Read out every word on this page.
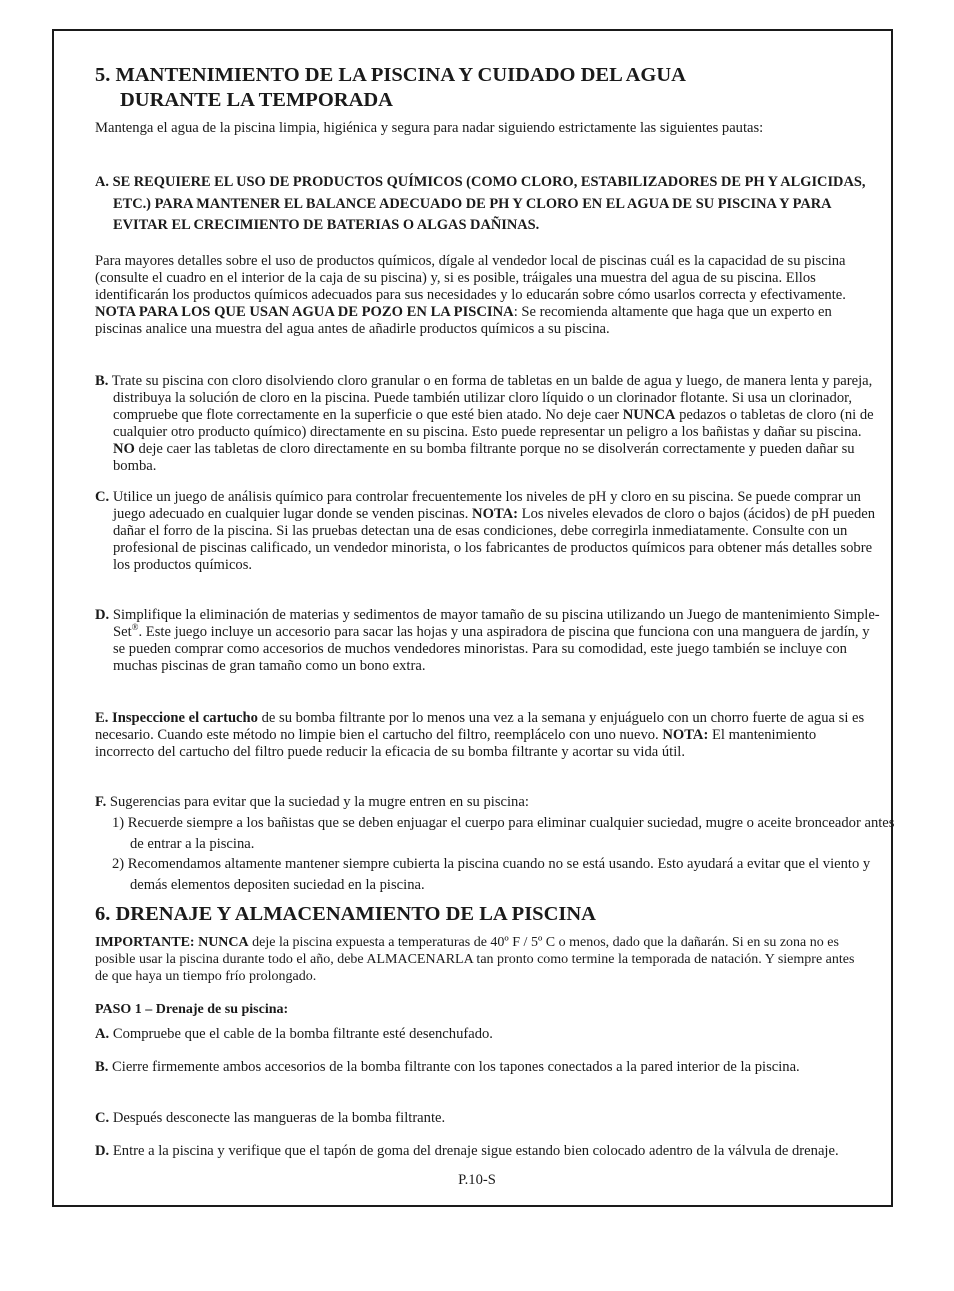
5. MANTENIMIENTO DE LA PISCINA Y CUIDADO DEL AGUA
DURANTE LA TEMPORADA
Mantenga el agua de la piscina limpia, higiénica y segura para nadar siguiendo estrictamente las siguientes pautas:
A. SE REQUIERE EL USO DE PRODUCTOS QUÍMICOS (COMO CLORO, ESTABILIZADORES DE PH Y ALGICIDAS, ETC.) PARA MANTENER EL BALANCE ADECUADO DE PH Y CLORO EN EL AGUA DE SU PISCINA Y PARA EVITAR EL CRECIMIENTO DE BATERIAS O ALGAS DAÑINAS.
Para mayores detalles sobre el uso de productos químicos, dígale al vendedor local de piscinas cuál es la capacidad de su piscina (consulte el cuadro en el interior de la caja de su piscina) y, si es posible, tráigales una muestra del agua de su piscina. Ellos identificarán los productos químicos adecuados para sus necesidades y lo educarán sobre cómo usarlos correcta y efectivamente. NOTA PARA LOS QUE USAN AGUA DE POZO EN LA PISCINA: Se recomienda altamente que haga que un experto en piscinas analice una muestra del agua antes de añadirle productos químicos a su piscina.
B. Trate su piscina con cloro disolviendo cloro granular o en forma de tabletas en un balde de agua y luego, de manera lenta y pareja, distribuya la solución de cloro en la piscina. Puede también utilizar cloro líquido o un clorinador flotante. Si usa un clorinador, compruebe que flote correctamente en la superficie o que esté bien atado. No deje caer NUNCA pedazos o tabletas de cloro (ni de cualquier otro producto químico) directamente en su piscina. Esto puede representar un peligro a los bañistas y dañar su piscina. NO deje caer las tabletas de cloro directamente en su bomba filtrante porque no se disolverán correctamente y pueden dañar su bomba.
C. Utilice un juego de análisis químico para controlar frecuentemente los niveles de pH y cloro en su piscina. Se puede comprar un juego adecuado en cualquier lugar donde se venden piscinas. NOTA: Los niveles elevados de cloro o bajos (ácidos) de pH pueden dañar el forro de la piscina. Si las pruebas detectan una de esas condiciones, debe corregirla inmediatamente. Consulte con un profesional de piscinas calificado, un vendedor minorista, o los fabricantes de productos químicos para obtener más detalles sobre los productos químicos.
D. Simplifique la eliminación de materias y sedimentos de mayor tamaño de su piscina utilizando un Juego de mantenimiento Simple-Set®. Este juego incluye un accesorio para sacar las hojas y una aspiradora de piscina que funciona con una manguera de jardín, y se pueden comprar como accesorios de muchos vendedores minoristas. Para su comodidad, este juego también se incluye con muchas piscinas de gran tamaño como un bono extra.
E. Inspeccione el cartucho de su bomba filtrante por lo menos una vez a la semana y enjuáguelo con un chorro fuerte de agua si es necesario. Cuando este método no limpie bien el cartucho del filtro, reemplácelo con uno nuevo. NOTA: El mantenimiento incorrecto del cartucho del filtro puede reducir la eficacia de su bomba filtrante y acortar su vida útil.
F. Sugerencias para evitar que la suciedad y la mugre entren en su piscina:
1) Recuerde siempre a los bañistas que se deben enjuagar el cuerpo para eliminar cualquier suciedad, mugre o aceite bronceador antes de entrar a la piscina.
2) Recomendamos altamente mantener siempre cubierta la piscina cuando no se está usando. Esto ayudará a evitar que el viento y demás elementos depositen suciedad en la piscina.
6. DRENAJE Y ALMACENAMIENTO DE LA PISCINA
IMPORTANTE: NUNCA deje la piscina expuesta a temperaturas de 40º F / 5º C o menos, dado que la dañarán. Si en su zona no es posible usar la piscina durante todo el año, debe ALMACENARLA tan pronto como termine la temporada de natación. Y siempre antes de que haya un tiempo frío prolongado.
PASO 1 – Drenaje de su piscina:
A. Compruebe que el cable de la bomba filtrante esté desenchufado.
B. Cierre firmemente ambos accesorios de la bomba filtrante con los tapones conectados a la pared interior de la piscina.
C. Después desconecte las mangueras de la bomba filtrante.
D. Entre a la piscina y verifique que el tapón de goma del drenaje sigue estando bien colocado adentro de la válvula de drenaje.
P.10-S
